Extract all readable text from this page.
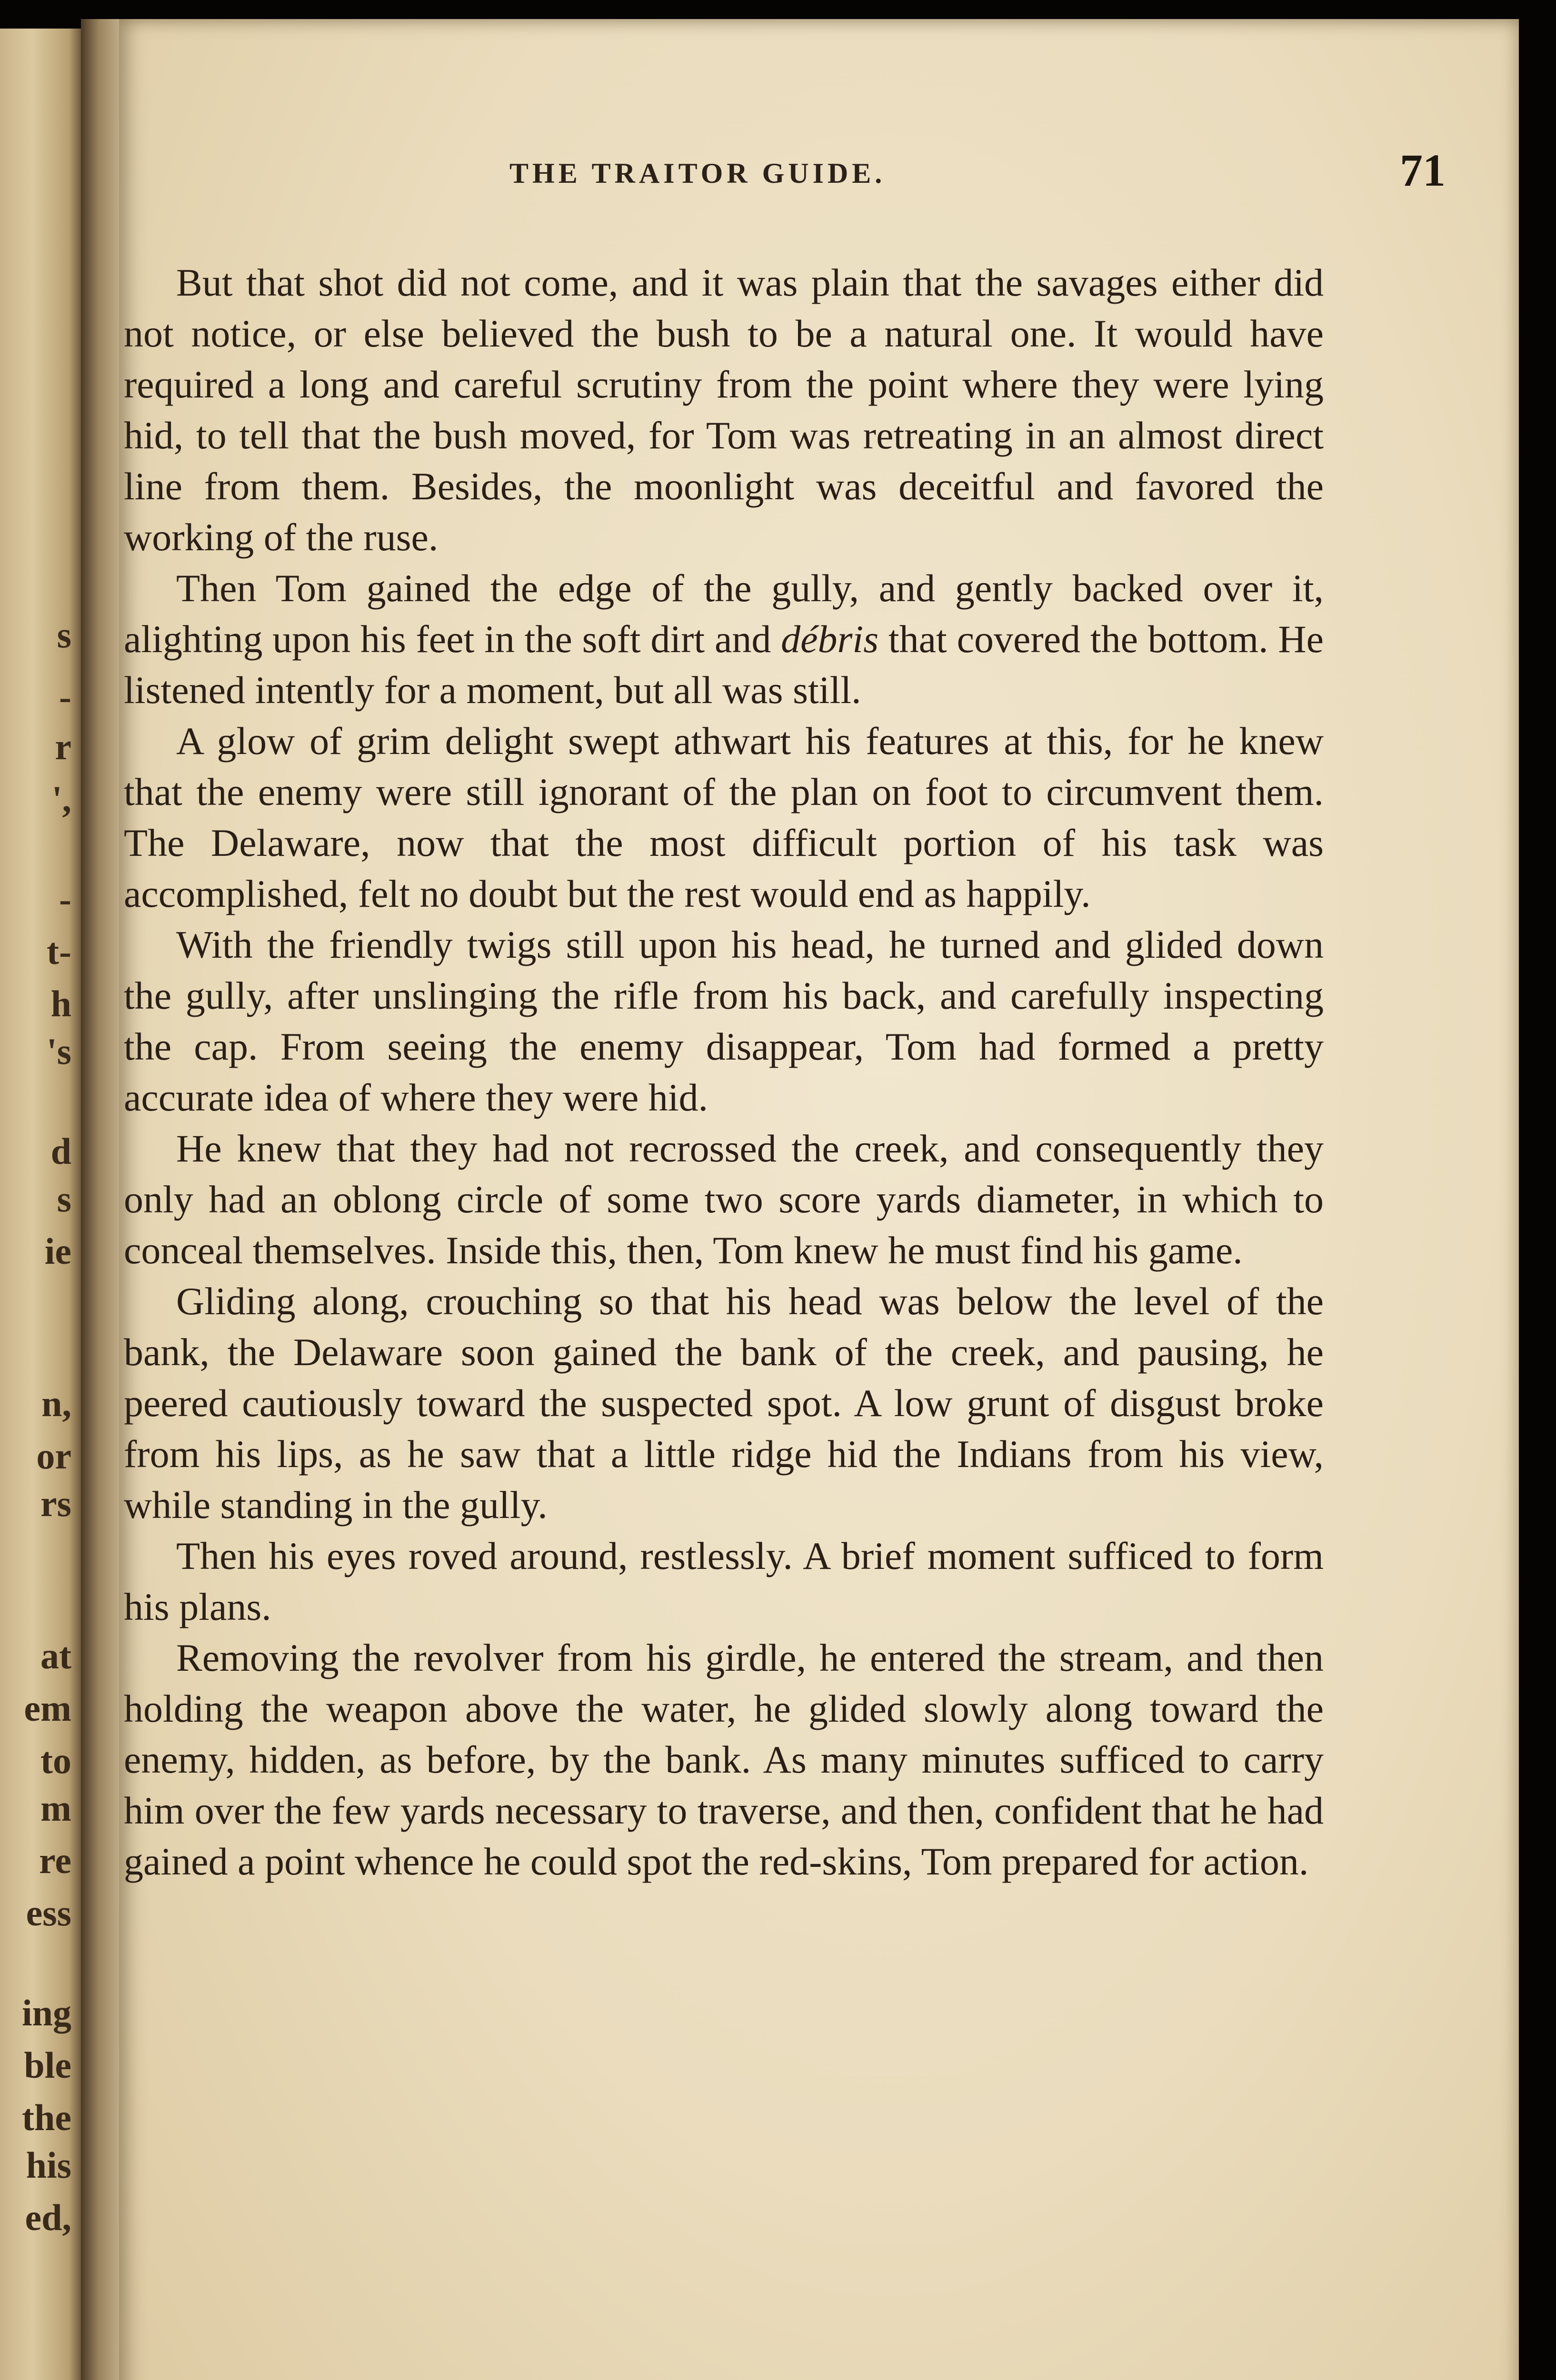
s
-
r
',
-
t-
h
's
d
s
ie
n,
or
rs
at
em
to
m
re
ess
ing
ble
the
his
ed,
THE TRAITOR GUIDE.	71

But that shot did not come, and it was plain that the savages either did not notice, or else believed the bush to be a natural one. It would have required a long and careful scrutiny from the point where they were lying hid, to tell that the bush moved, for Tom was retreating in an almost direct line from them. Besides, the moonlight was deceitful and favored the working of the ruse.

Then Tom gained the edge of the gully, and gently backed over it, alighting upon his feet in the soft dirt and débris that covered the bottom. He listened intently for a moment, but all was still.

A glow of grim delight swept athwart his features at this, for he knew that the enemy were still ignorant of the plan on foot to circumvent them. The Delaware, now that the most difficult portion of his task was accomplished, felt no doubt but the rest would end as happily.

With the friendly twigs still upon his head, he turned and glided down the gully, after unslinging the rifle from his back, and carefully inspecting the cap. From seeing the enemy disappear, Tom had formed a pretty accurate idea of where they were hid.

He knew that they had not recrossed the creek, and consequently they only had an oblong circle of some two score yards diameter, in which to conceal themselves. Inside this, then, Tom knew he must find his game.

Gliding along, crouching so that his head was below the level of the bank, the Delaware soon gained the bank of the creek, and pausing, he peered cautiously toward the suspected spot. A low grunt of disgust broke from his lips, as he saw that a little ridge hid the Indians from his view, while standing in the gully.

Then his eyes roved around, restlessly. A brief moment sufficed to form his plans.

Removing the revolver from his girdle, he entered the stream, and then holding the weapon above the water, he glided slowly along toward the enemy, hidden, as before, by the bank. As many minutes sufficed to carry him over the few yards necessary to traverse, and then, confident that he had gained a point whence he could spot the red-skins, Tom prepared for action.
